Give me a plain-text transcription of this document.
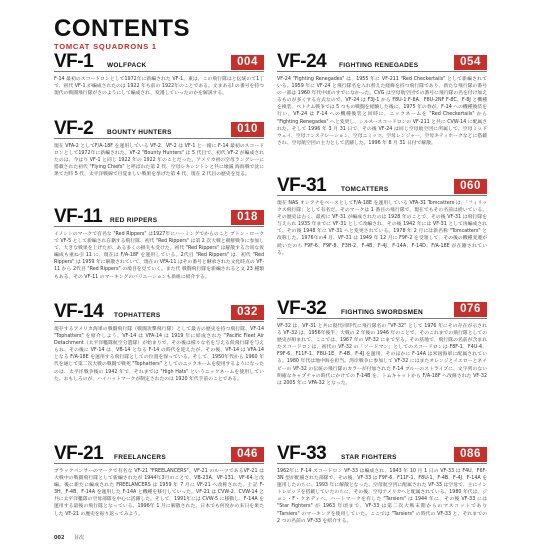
CONTENTS
TOMCAT SQUADRONS 1
VF-1 WOLFPACK	004
F-14 最初のスコードロンとして1972年に新編された VF-1。東は、この飛行隊はと伝統のて1丁で、初代 VF-1 が編成されたのは 1922 年も前の 1922年のことである。文まあるI の番号を持つ現代の戦闘飛行隊がさのようにして編成され、変遷していったのかを解説する。
VF-2 BOUNTY HUNTERS	010
現在 VFA-2 としてF/A-18F を運用している VF-2、VF-2 は VF-1 と一緒に F-14 最初のスコードロンとして1972年に新編された。VF-2 "Bounty Hunters" は 5 代目で、初代 VF-2 が編成されたのは、今はり VF-1 と同じ 1922 年の 1922 年のことだった。アメリカ初の空母ラングレーに搭載された初代 "Flying Chiefs" と呼ばれた第 2 代、空母レキシントンと共に壊滅 海海戦で沈に果てた時 5 代、太平洋戦線で目覚ましい戦果を挙げた第 4 代、現在 2 代目の歴史を見る。
VF-11 RED RIPPERS	018
イノシシのマークで有名な "Red Rippers" は1927年にハーミングでからのこと ブトン・ロークで VF-5 として新編され在籍する飛行隊、初代 "Red Rippers" は第 2 次大戦と朝鮮戦争に参加して、大きな戦果を上げたが、ある多くの損失も受けた。初代 "Red Rippers" は解散する合同な仮編成も重ね引 11 に、現在は F/A-18F を運用している。2代目 "Red Rippers" は、初代 "Red Rippers" は 1959 年に解散されていて、現在の VFA-11 はその番号と継承された文化時点の VF-11 から 2代目 "Red Rippers" の境目を見ていく。また代 戦闘飛行隊を新編されると文 23 種類もある、その VF-11 のマーキングのバリエーションも新組に紹介する。
VF-14 TOPHATTERS	032
現存するアメリカ海軍の戦闘飛行隊（戦闘攻撃飛行隊）として最古の歴史を持つ飛行隊、VF-14 "Tophatters" を紹介しよう。VF-14 は VFA-14 は 1919 年に結成された "Pacific Fleet Air Detachment（太平洋艦隊航空分遣隊）が始まりで、その後は様々な名を与える仮飛行隊を与えられ、その後に VF-14 は、VB-14 となる F-14 の時代を迎えたが、その後、VF-14 は VFA-14 となる F/A-18E を運用する飛行隊としての位置を保っている。そして、1950年代から 1960 年代を通じて第二次大戦の戦闘で戦死 "Tophatters" としてのニックネームを使用するようになったのは、太平洋戦争後の 1942 年で、それまでは "High Hats" というニックネームを使用していた。おもしろのが、ハイハットマークが制定されたのは 1920 年代手前のことである。
VF-21 FREELANCERS	046
ブラックパンサーのマークで有名な VF-21 "FREELANCERS"。VF-21 のルーツであるVF-21 は大戦中の戦闘飛行隊として新編されたが 1944年3月のことで、VB-23A、VF-131、VF-64 と改編。後に新たに編成された FREELANCERS は 1959 年 7 月に VF-21 へ改称された。上記 F-3H、F-4B、F-14A を運用した F-14A と機種を移行していった。VF-21 は CVW-2、CVW-14 と共に太平洋艦隊の空母部隊を中心に活躍した。そして、1991年には CVW-5 に移動し、F-14A を運用する最後の飛行隊となっている。1996年 1 月に解散された。日本でも何度かの来日を果たした VF-21 の歴史を振り返ってみよう。
VF-24 FIGHTING RENEGADES	054
VF-24 "Fighting Renegades" は、1955 年に VF-211 "Red Checkertails" として新編されている。1959 年に VF-24 と飛行隊名を入れ替えた経緯を持つ飛行隊であり、新たな飛行隊の番号の一部は 1960 年代中頃のすでになかった。CVG は空母航空団での番号に飛行隊の名を付け加えるものが多くする方式なので、VF-24 は F3J-1 から F8U-1 F-8A、F8U-2NF F-8C、F-8J と機種を換装、ベトナム戦争では 5 つもの戦闘を経験した後に、1975 年の春が、F-14 への機種換装を行い、VF-24 は F-14 への機種換装と同時に、ニックネームを "Red Checkertails" から "Fighting Renegades" へと変更し、シルスースコードロンの VF-211 と共に CVW-14 に配属された。そして 1996 年 3 月 31 日で、その後 VF-24 は同じ空母航空団に所属して、空母ミッドウェイ、空母コンステレーション、空母ニミッツ、空母レンジャー、空母キティホークなどに搭載され、空母航空団の主力として活躍した。1996 年 8 月 31 日付で解散。
VF-31 TOMCATTERS	060
現在 NAS オシアナをベースとしてF/A-18E を運用している VFA-31 Tomcatters は、「フィリックス飛行隊」として有名だ。そのマークは 1 番目の飛行隊で、現在でもその名前は続いている。その歴史は古く、最初に VF-31 が編成されたのは 1928 年のことで、その後 VF-31 は飛行隊を与えられ 1935 年までに VF-31 として改編され、その後 1942 年には VF-31 として再編成されて、その後 1948 年に VF-31 へと変更されている。1978 年 2 月には新名称 "Tomcatters" と改称した。1976年の4 月、VF-31 は 1949 年 12 月に F9F-2 を受領して、その後の機種変遷が続いたのち F9F-6、F9F-8、F3H-2、F-4B、F-4J、F-14A、F-14D、F/A-18E が在籍されている。
VF-32 FIGHTING SWORDSMEN	076
VF-32 は、VF-31 と共に現代同時代に飛行隊名の "VF-32" として 1976 年にその存在が示される VF-32 は、1956年後半、大戦の 2 年後の 1946 年のことで、そのこれまでの飛行隊としての歴史が組まれて、ここでは、1967 年の VF-32 にまで至る。その基地で、飛行隊の名前が含まれたスコードロンは、初代の VF-32 の「ソードマン」としてのスコードロンは F8F-1、F4U-4、F9F-6、F11F-1、F8U-1E、F-4B、F-4J を運用、そのほかに F-14A は米国海軍に配属されている。1980 年代は地中海を担当。湾岸戦争に参加して VF-32 にはまたオレンジとイエローとネイビーの VF-32 の伝統の飛行隊のカラーが付加された F-14 ブルーのストライプに、文字列のない明確なキャプチャの時代にかけての F-14B を、トムキャットから F/A-18F へ改修された VF-32 は 2005 年に VFA-32 となった。
VF-33 STAR FIGHTERS	086
1962年に F-14 スコードロン VF-33 は編成され、1943 年 10 月 1 日の VF-33 は F4U、F6F-3N 型が配備された部隊で、その後、VF-33 は F9F-6、F11F-1、F8U-1、F-4B、F-4J、F-14A を運用したのちに、1993 年に解散となった。空母航空団に配属された VF-33 は空母で、主にイントレピッドを搭載していたのちに、その後、空母アメリカへと配属されている。1980 年代は、ジョン・F・ケネディへ。ハートマークを有した "Tarsiers" は 1944 年に、その後 VF-33 には "Star Fighters" が 1963 年頃まで、VF-33 は第二次大戦末期からのマスコットであり "Tarsiers" のマーキングを使用していた。ここでは "Tarsiers" の時代の VF-33 と、それまでの 2 つの名前の VF-33 を紹介する。
002 目次
